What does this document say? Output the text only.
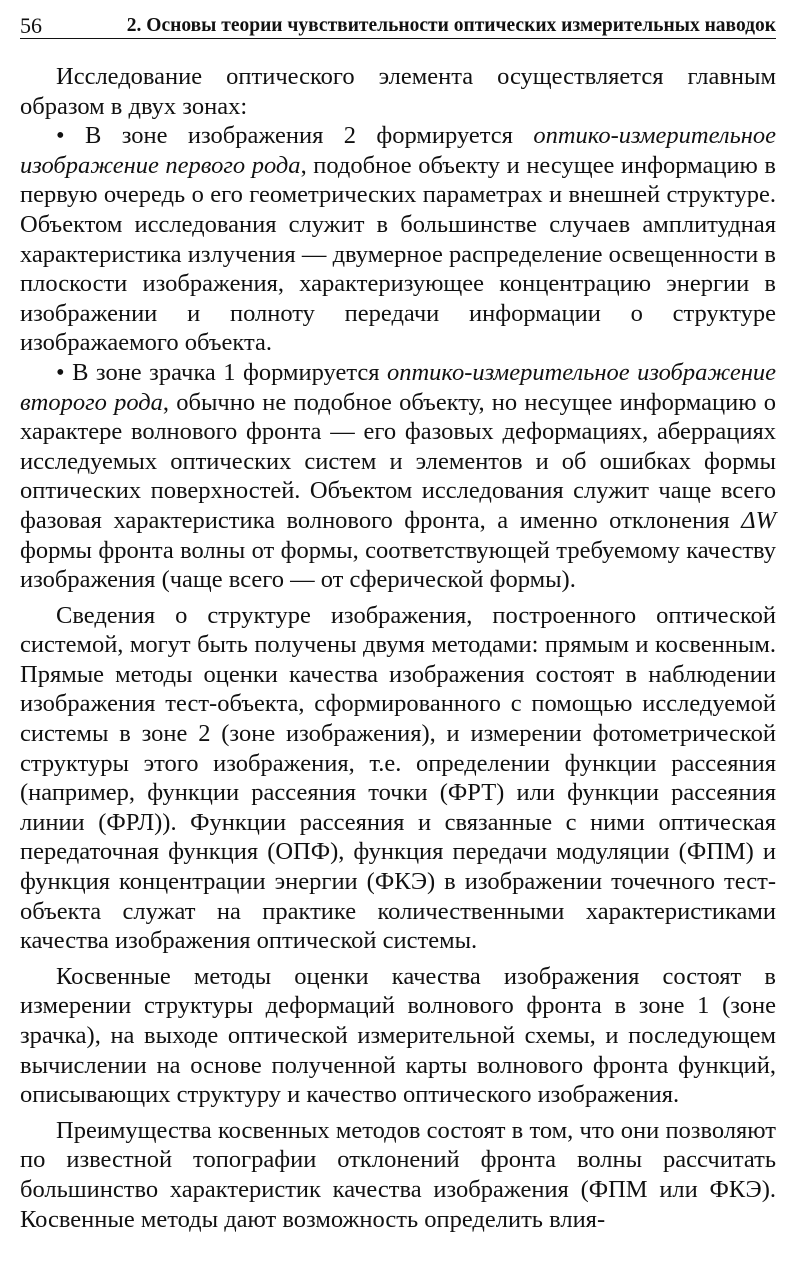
56	2. Основы теории чувствительности оптических измерительных наводок

Исследование оптического элемента осуществляется главным образом в двух зонах:

• В зоне изображения 2 формируется оптико-измерительное изображение первого рода, подобное объекту и несущее информацию в первую очередь о его геометрических параметрах и внешней структуре. Объектом исследования служит в большинстве случаев амплитудная характеристика излучения — двумерное распределение освещенности в плоскости изображения, характеризующее концентрацию энергии в изображении и полноту передачи информации о структуре изображаемого объекта.

• В зоне зрачка 1 формируется оптико-измерительное изображение второго рода, обычно не подобное объекту, но несущее информацию о характере волнового фронта — его фазовых деформациях, аберрациях исследуемых оптических систем и элементов и об ошибках формы оптических поверхностей. Объектом исследования служит чаще всего фазовая характеристика волнового фронта, а именно отклонения ΔW формы фронта волны от формы, соответствующей требуемому качеству изображения (чаще всего — от сферической формы).

Сведения о структуре изображения, построенного оптической системой, могут быть получены двумя методами: прямым и косвенным. Прямые методы оценки качества изображения состоят в наблюдении изображения тест-объекта, сформированного с помощью исследуемой системы в зоне 2 (зоне изображения), и измерении фотометрической структуры этого изображения, т.е. определении функции рассеяния (например, функции рассеяния точки (ФРТ) или функции рассеяния линии (ФРЛ)). Функции рассеяния и связанные с ними оптическая передаточная функция (ОПФ), функция передачи модуляции (ФПМ) и функция концентрации энергии (ФКЭ) в изображении точечного тест-объекта служат на практике количественными характеристиками качества изображения оптической системы.

Косвенные методы оценки качества изображения состоят в измерении структуры деформаций волнового фронта в зоне 1 (зоне зрачка), на выходе оптической измерительной схемы, и последующем вычислении на основе полученной карты волнового фронта функций, описывающих структуру и качество оптического изображения.

Преимущества косвенных методов состоят в том, что они позволяют по известной топографии отклонений фронта волны рассчитать большинство характеристик качества изображения (ФПМ или ФКЭ). Косвенные методы дают возможность определить влия-
